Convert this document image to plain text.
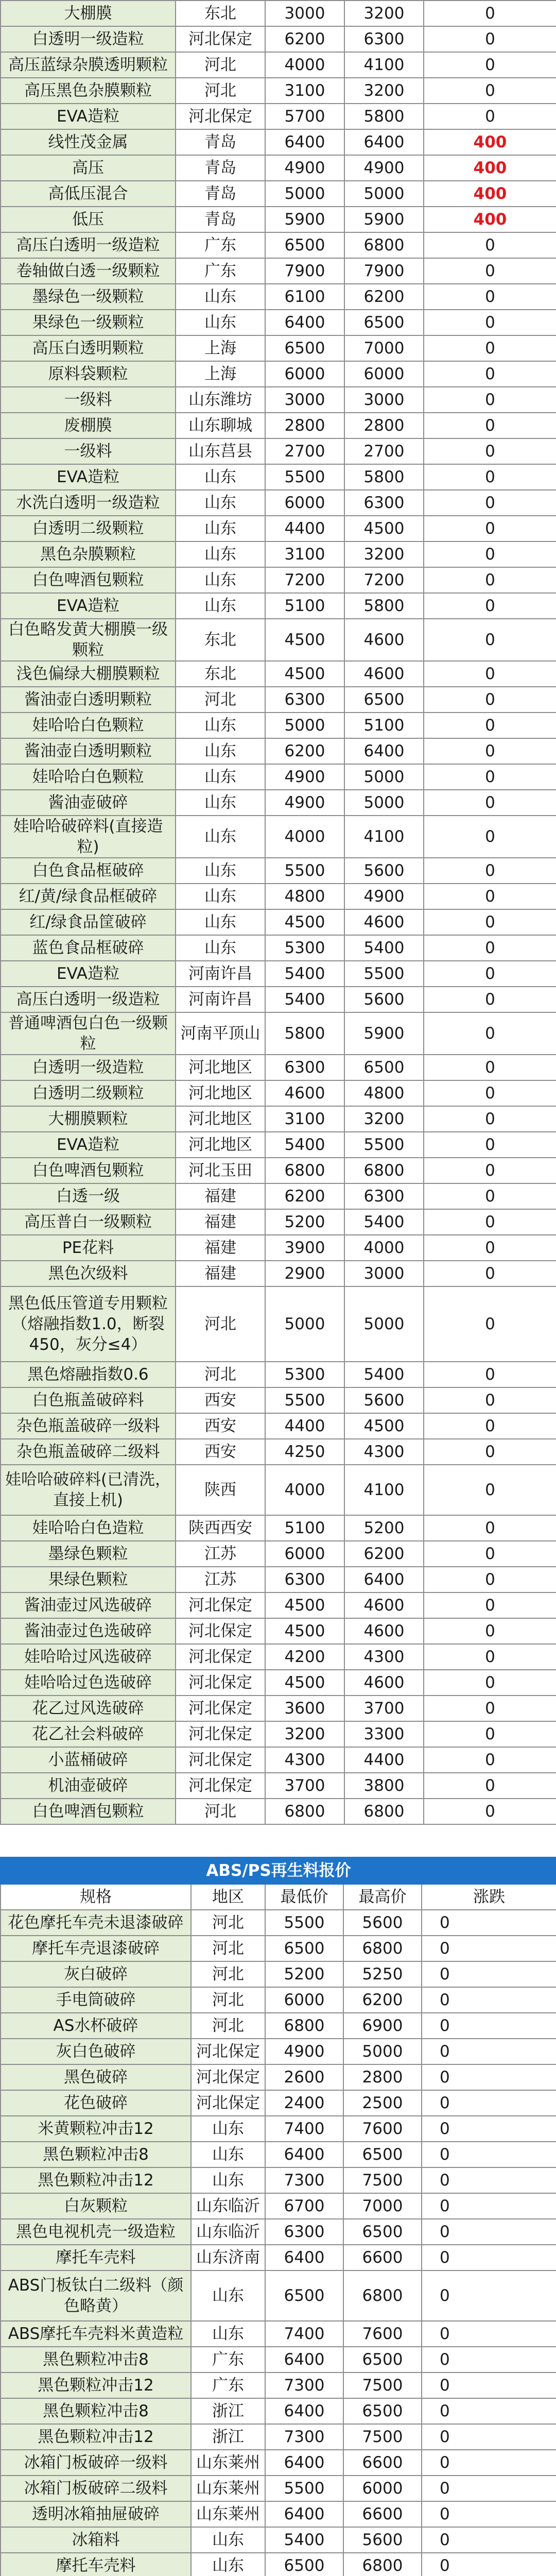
大棚膜	东北	3000	3200	0
白透明一级造粒	河北保定	6200	6300	0
高压蓝绿杂膜透明颗粒	河北	4000	4100	0
高压黑色杂膜颗粒	河北	3100	3200	0
EVA造粒	河北保定	5700	5800	0
线性茂金属	青岛	6400	6400	400
高压	青岛	4900	4900	400
高低压混合	青岛	5000	5000	400
低压	青岛	5900	5900	400
高压白透明一级造粒	广东	6500	6800	0
卷轴做白透一级颗粒	广东	7900	7900	0
墨绿色一级颗粒	山东	6100	6200	0
果绿色一级颗粒	山东	6400	6500	0
高压白透明颗粒	上海	6500	7000	0
原料袋颗粒	上海	6000	6000	0
一级料	山东潍坊	3000	3000	0
废棚膜	山东聊城	2800	2800	0
一级料	山东莒县	2700	2700	0
EVA造粒	山东	5500	5800	0
水洗白透明一级造粒	山东	6000	6300	0
白透明二级颗粒	山东	4400	4500	0
黑色杂膜颗粒	山东	3100	3200	0
白色啤酒包颗粒	山东	7200	7200	0
EVA造粒	山东	5100	5800	0
白色略发黄大棚膜一级颗粒	东北	4500	4600	0
浅色偏绿大棚膜颗粒	东北	4500	4600	0
酱油壶白透明颗粒	河北	6300	6500	0
娃哈哈白色颗粒	山东	5000	5100	0
酱油壶白透明颗粒	山东	6200	6400	0
娃哈哈白色颗粒	山东	4900	5000	0
酱油壶破碎	山东	4900	5000	0
娃哈哈破碎料(直接造粒)	山东	4000	4100	0
白色食品框破碎	山东	5500	5600	0
红/黄/绿食品框破碎	山东	4800	4900	0
红/绿食品筐破碎	山东	4500	4600	0
蓝色食品框破碎	山东	5300	5400	0
EVA造粒	河南许昌	5400	5500	0
高压白透明一级造粒	河南许昌	5400	5600	0
普通啤酒包白色一级颗粒	河南平顶山	5800	5900	0
白透明一级造粒	河北地区	6300	6500	0
白透明二级颗粒	河北地区	4600	4800	0
大棚膜颗粒	河北地区	3100	3200	0
EVA造粒	河北地区	5400	5500	0
白色啤酒包颗粒	河北玉田	6800	6800	0
白透一级	福建	6200	6300	0
高压普白一级颗粒	福建	5200	5400	0
PE花料	福建	3900	4000	0
黑色次级料	福建	2900	3000	0
黑色低压管道专用颗粒（熔融指数1.0，断裂450，灰分≤4）	河北	5000	5000	0
黑色熔融指数0.6	河北	5300	5400	0
白色瓶盖破碎料	西安	5500	5600	0
杂色瓶盖破碎一级料	西安	4400	4500	0
杂色瓶盖破碎二级料	西安	4250	4300	0
娃哈哈破碎料(已清洗，直接上机)	陕西	4000	4100	0
娃哈哈白色造粒	陕西西安	5100	5200	0
墨绿色颗粒	江苏	6000	6200	0
果绿色颗粒	江苏	6300	6400	0
酱油壶过风选破碎	河北保定	4500	4600	0
酱油壶过色选破碎	河北保定	4500	4600	0
娃哈哈过风选破碎	河北保定	4200	4300	0
娃哈哈过色选破碎	河北保定	4500	4600	0
花乙过风选破碎	河北保定	3600	3700	0
花乙社会料破碎	河北保定	3200	3300	0
小蓝桶破碎	河北保定	4300	4400	0
机油壶破碎	河北保定	3700	3800	0
白色啤酒包颗粒	河北	6800	6800	0
ABS/PS再生料报价				
规格	地区	最低价	最高价	涨跌
花色摩托车壳未退漆破碎	河北	5500	5600	0
摩托车壳退漆破碎	河北	6500	6800	0
灰白破碎	河北	5200	5250	0
手电筒破碎	河北	6000	6200	0
AS水杯破碎	河北	6800	6900	0
灰白色破碎	河北保定	4900	5000	0
黑色破碎	河北保定	2600	2800	0
花色破碎	河北保定	2400	2500	0
米黄颗粒冲击12	山东	7400	7600	0
黑色颗粒冲击8	山东	6400	6500	0
黑色颗粒冲击12	山东	7300	7500	0
白灰颗粒	山东临沂	6700	7000	0
黑色电视机壳一级造粒	山东临沂	6300	6500	0
摩托车壳料	山东济南	6400	6600	0
ABS门板钛白二级料（颜色略黄）	山东	6500	6800	0
ABS摩托车壳料米黄造粒	山东	7400	7600	0
黑色颗粒冲击8	广东	6400	6500	0
黑色颗粒冲击12	广东	7300	7500	0
黑色颗粒冲击8	浙江	6400	6500	0
黑色颗粒冲击12	浙江	7300	7500	0
冰箱门板破碎一级料	山东莱州	6400	6600	0
冰箱门板破碎二级料	山东莱州	5500	6000	0
透明冰箱抽屉破碎	山东莱州	6400	6600	0
冰箱料	山东	5400	5600	0
摩托车壳料	山东	6500	6800	0
